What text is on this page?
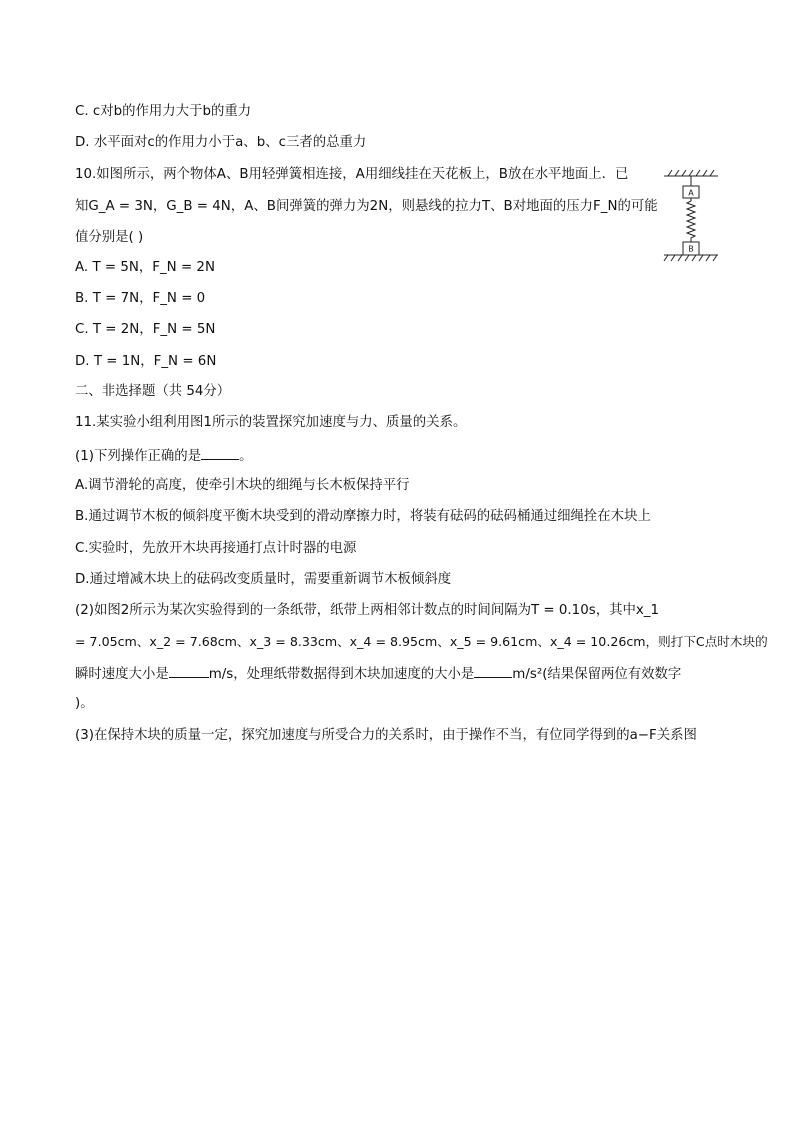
C. c对b的作用力大于b的重力
D. 水平面对c的作用力小于a、b、c三者的总重力
10.如图所示，两个物体A、B用轻弹簧相连接，A用细线挂在天花板上，B放在水平地面上．已
知G_A = 3N，G_B = 4N，A、B间弹簧的弹力为2N，则悬线的拉力T、B对地面的压力F_N的可能
值分别是( )
A. T = 5N，F_N = 2N
B. T = 7N，F_N = 0
C. T = 2N，F_N = 5N
D. T = 1N，F_N = 6N
二、非选择题（共 54分）
11.某实验小组利用图1所示的装置探究加速度与力、质量的关系。
(1)下列操作正确的是	。
A.调节滑轮的高度，使牵引木块的细绳与长木板保持平行
B.通过调节木板的倾斜度平衡木块受到的滑动摩擦力时，将装有砝码的砝码桶通过细绳拴在木块上
C.实验时，先放开木块再接通打点计时器的电源
D.通过增减木块上的砝码改变质量时，需要重新调节木板倾斜度
(2)如图2所示为某次实验得到的一条纸带，纸带上两相邻计数点的时间间隔为T = 0.10s，其中x_1
= 7.05cm、x_2 = 7.68cm、x_3 = 8.33cm、x_4 = 8.95cm、x_5 = 9.61cm、x_4 = 10.26cm，则打下C点时木块的
瞬时速度大小是	m/s，处理纸带数据得到木块加速度的大小是	m/s²(结果保留两位有效数字
)。
(3)在保持木块的质量一定，探究加速度与所受合力的关系时，由于操作不当，有位同学得到的a−F关系图
A
B
